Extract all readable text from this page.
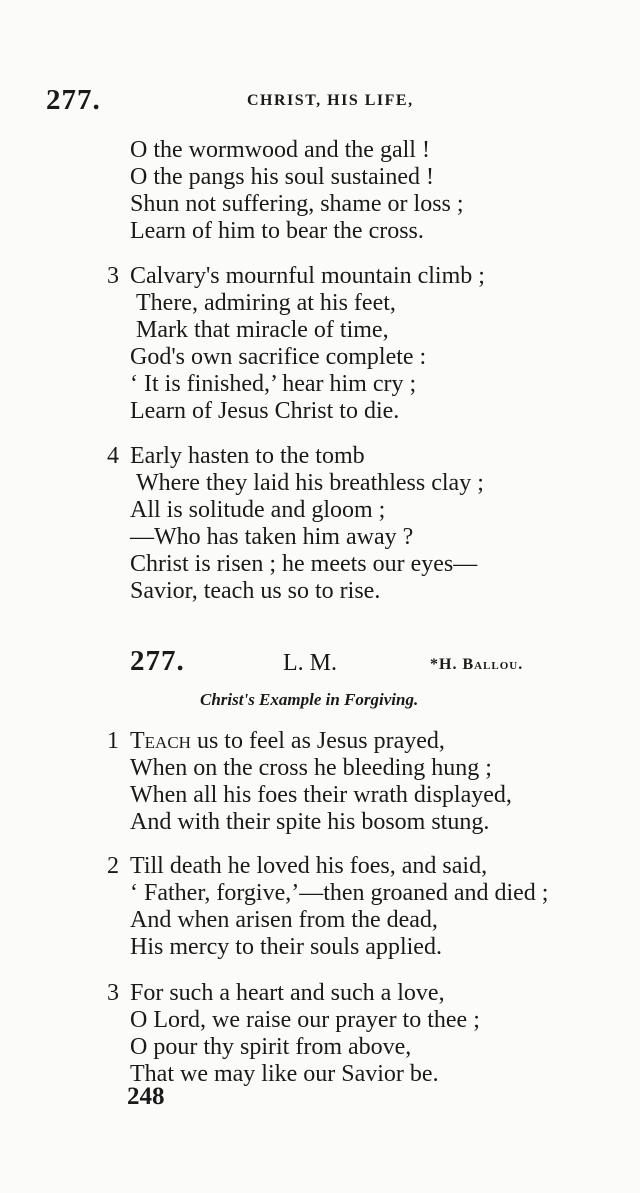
277.	CHRIST, HIS LIFE,
O the wormwood and the gall !
O the pangs his soul sustained !
Shun not suffering, shame or loss ;
Learn of him to bear the cross.
3 Calvary's mournful mountain climb ;
There, admiring at his feet,
Mark that miracle of time,
God's own sacrifice complete :
‘ It is finished,’ hear him cry ;
Learn of Jesus Christ to die.
4 Early hasten to the tomb
Where they laid his breathless clay ;
All is solitude and gloom ;
—Who has taken him away ?
Christ is risen ; he meets our eyes—
Savior, teach us so to rise.
277.	L. M.	*H. Ballou.
Christ's Example in Forgiving.
1 Teach us to feel as Jesus prayed,
When on the cross he bleeding hung ;
When all his foes their wrath displayed,
And with their spite his bosom stung.
2 Till death he loved his foes, and said,
‘ Father, forgive,’—then groaned and died ;
And when arisen from the dead,
His mercy to their souls applied.
3 For such a heart and such a love,
O Lord, we raise our prayer to thee ;
O pour thy spirit from above,
That we may like our Savior be.
248
